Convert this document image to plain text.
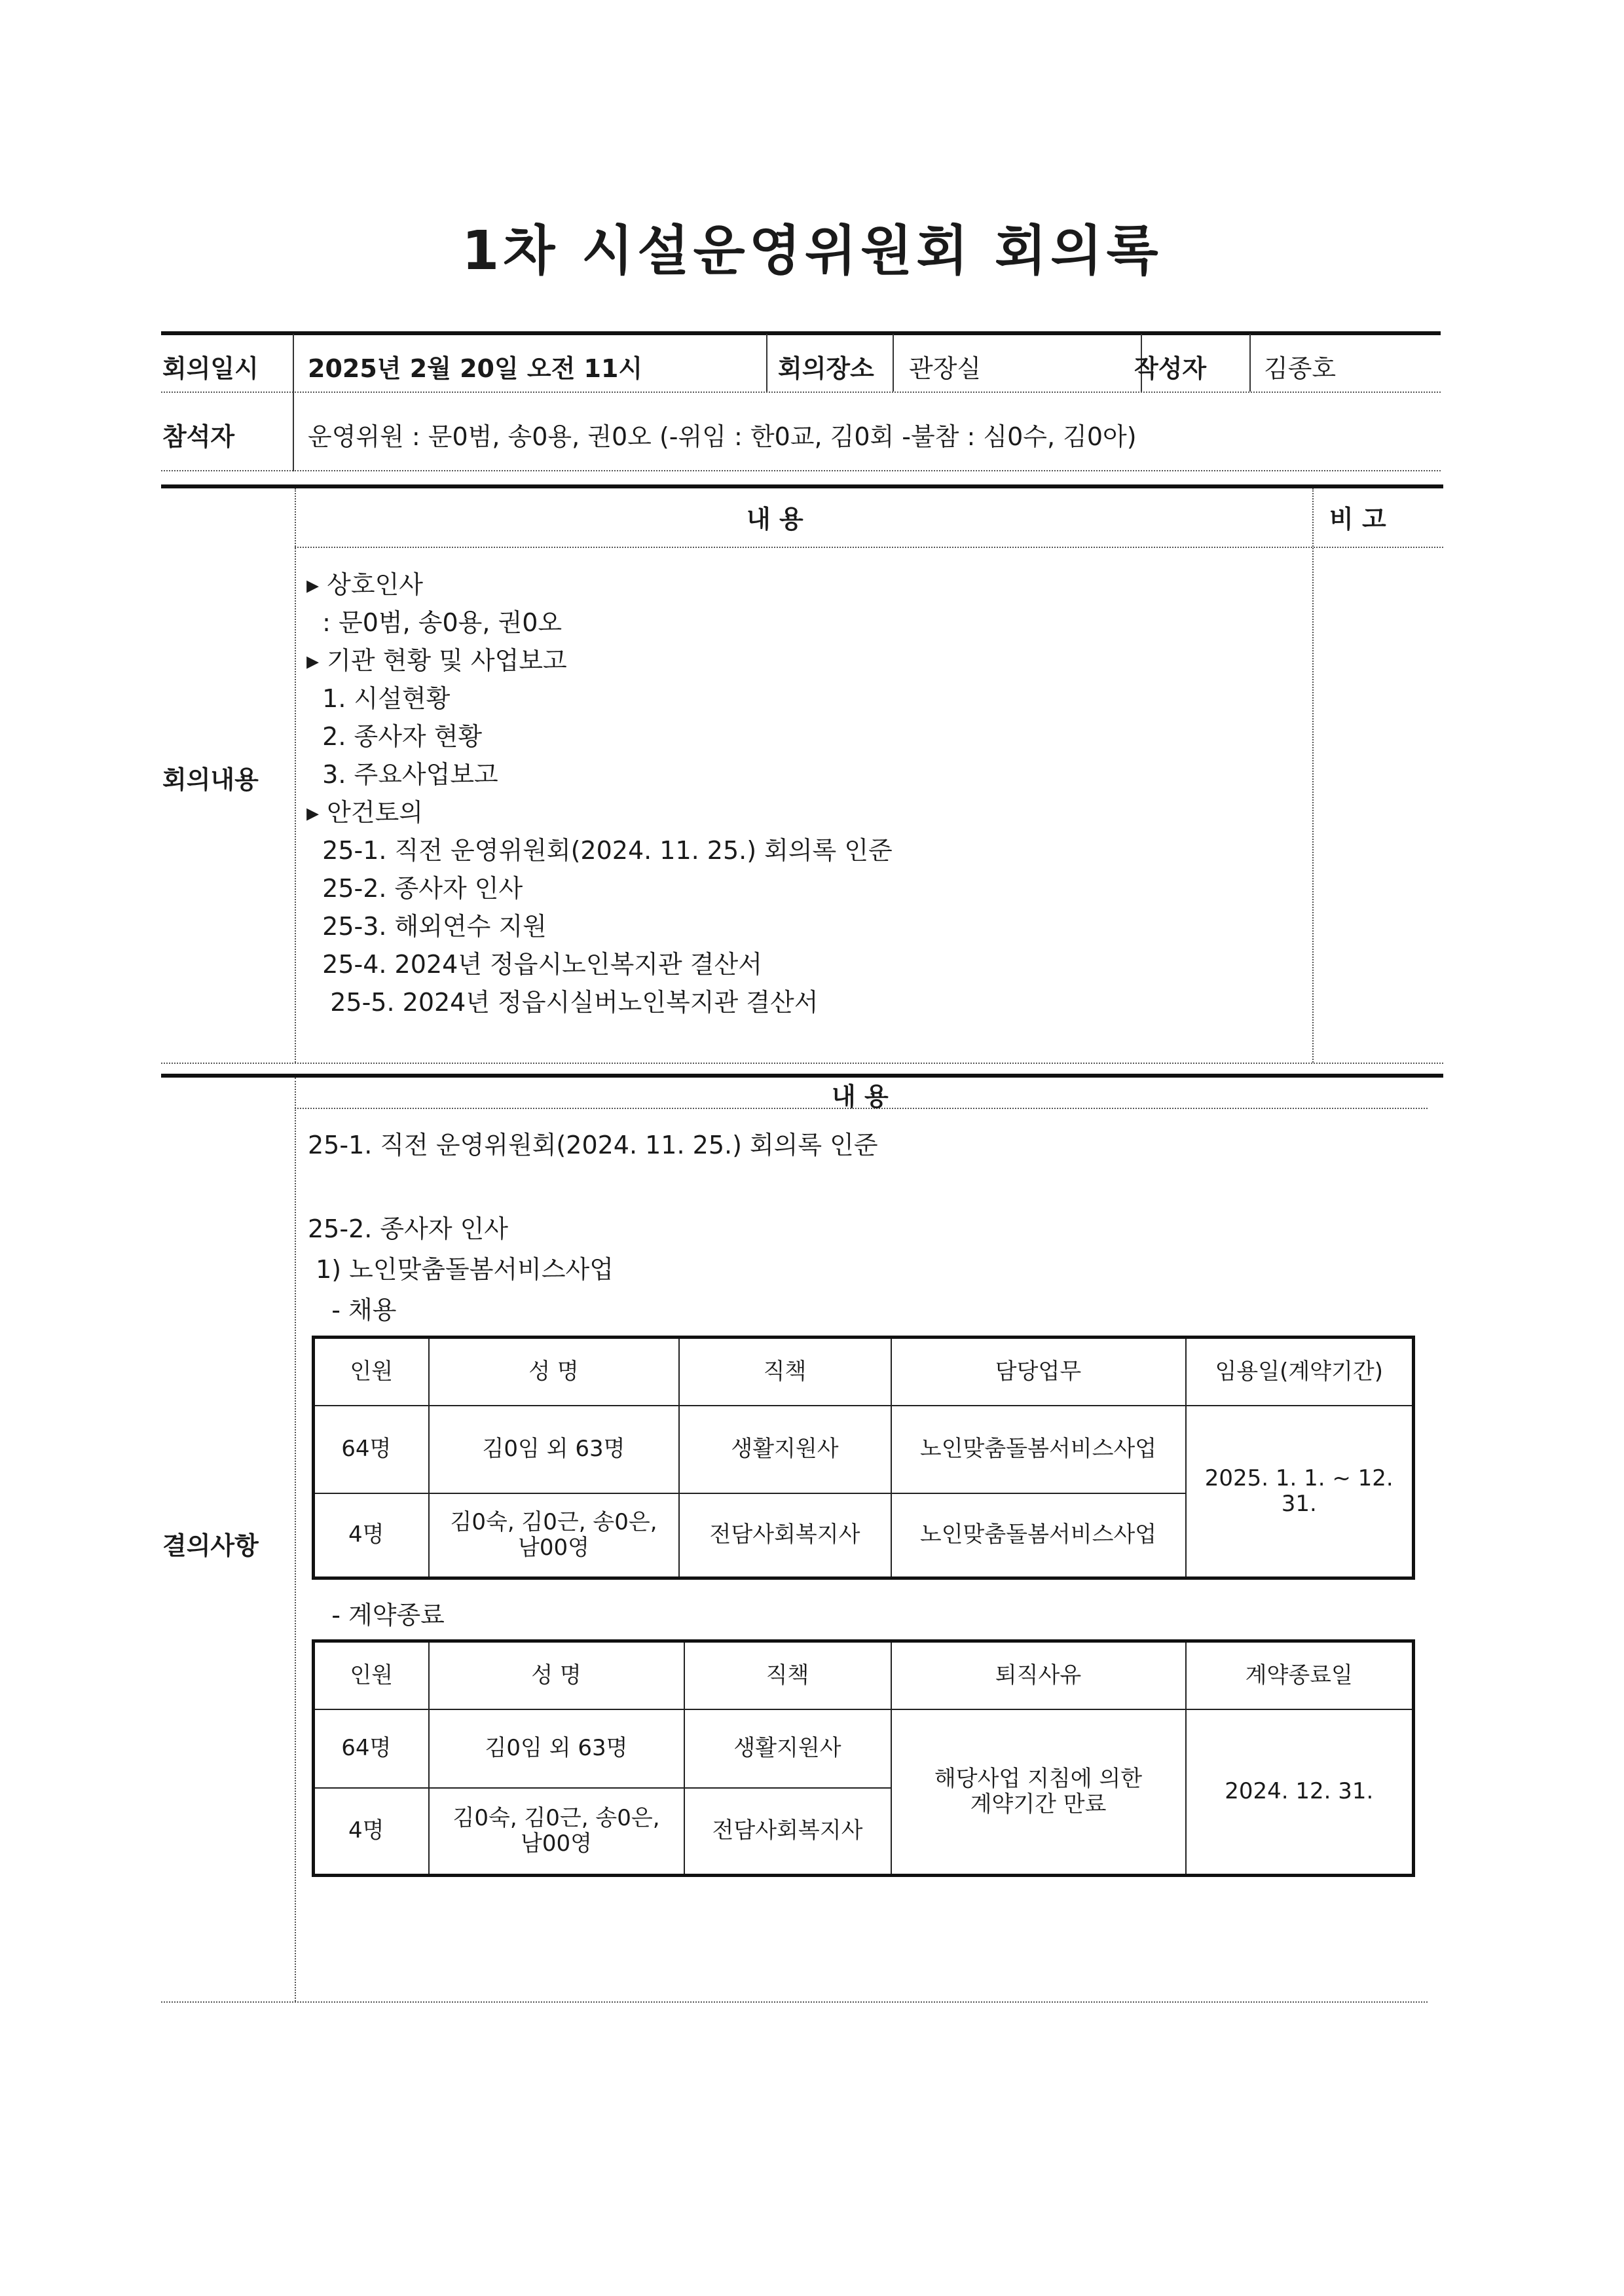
1차 시설운영위원회 회의록
회의일시 2025년 2월 20일 오전 11시	회의장소 관장실	작성자 김종호
참석자	운영위원 : 문0범, 송0용, 권0오 (-위임 : 한0교, 김0회 -불참 : 심0수, 김0아)
내 용	비 고
회의내용
▸ 상호인사
: 문0범, 송0용, 권0오
▸ 기관 현황 및 사업보고
1. 시설현황
2. 종사자 현황
3. 주요사업보고
▸ 안건토의
25-1. 직전 운영위원회(2024. 11. 25.) 회의록 인준
25-2. 종사자 인사
25-3. 해외연수 지원
25-4. 2024년 정읍시노인복지관 결산서
25-5. 2024년 정읍시실버노인복지관 결산서
내 용
결의사항
25-1. 직전 운영위원회(2024. 11. 25.) 회의록 인준
25-2. 종사자 인사
1) 노인맞춤돌봄서비스사업
- 채용
인원	성 명	직책	담당업무	임용일(계약기간)
64명	김0임 외 63명	생활지원사	노인맞춤돌봄서비스사업	2025. 1. 1. ~ 12. 31.
4명	김0숙, 김0근, 송0은, 남00영	전담사회복지사	노인맞춤돌봄서비스사업	
- 계약종료
인원	성 명	직책	퇴직사유	계약종료일
64명	김0임 외 63명	생활지원사	해당사업 지침에 의한 계약기간 만료	2024. 12. 31.
4명	김0숙, 김0근, 송0은, 남00영	전담사회복지사		
